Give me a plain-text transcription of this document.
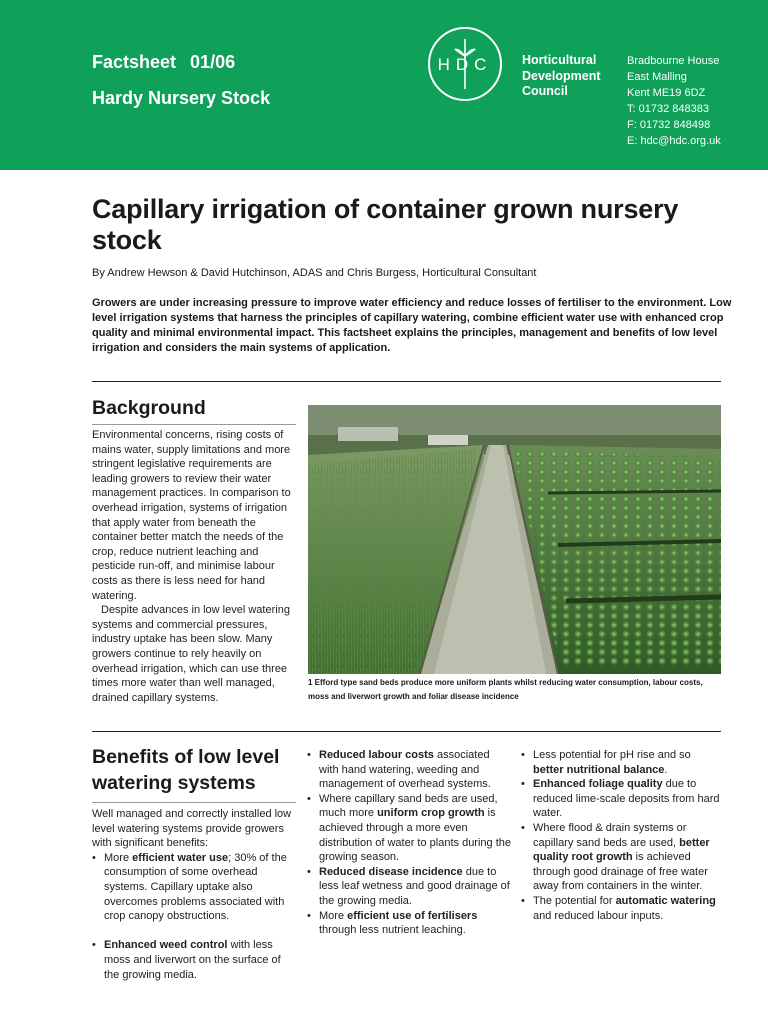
Factsheet 01/06
Hardy Nursery Stock
HDC Horticultural
Development
Council
Bradbourne House
East Malling
Kent ME19 6DZ
T: 01732 848383
F: 01732 848498
E: hdc@hdc.org.uk
Capillary irrigation of container grown nursery stock
By Andrew Hewson & David Hutchinson, ADAS and Chris Burgess, Horticultural Consultant
Growers are under increasing pressure to improve water efficiency and reduce losses of fertiliser to the environment. Low level irrigation systems that harness the principles of capillary watering, combine efficient water use with enhanced crop quality and minimal environmental impact. This factsheet explains the principles, management and benefits of low level irrigation and considers the main systems of application.
Background

Environmental concerns, rising costs of mains water, supply limitations and more stringent legislative requirements are leading growers to review their water management practices. In comparison to overhead irrigation, systems of irrigation that apply water from beneath the container better match the needs of the crop, reduce nutrient leaching and pesticide run-off, and minimise labour costs as there is less need for hand watering.

Despite advances in low level watering systems and commercial pressures, industry uptake has been slow. Many growers continue to rely heavily on overhead irrigation, which can use three times more water than well managed, drained capillary systems.

1 Efford type sand beds produce more uniform plants whilst reducing water consumption, labour costs, moss and liverwort growth and foliar disease incidence
Benefits of low level watering systems

Well managed and correctly installed low level watering systems provide growers with significant benefits:

• More efficient water use; 30% of the consumption of some overhead systems. Capillary uptake also overcomes problems associated with crop canopy obstructions.
• Enhanced weed control with less moss and liverwort on the surface of the growing media.
• Reduced labour costs associated with hand watering, weeding and management of overhead systems.
• Where capillary sand beds are used, much more uniform crop growth is achieved through a more even distribution of water to plants during the growing season.
• Reduced disease incidence due to less leaf wetness and good drainage of the growing media.
• More efficient use of fertilisers through less nutrient leaching.
• Less potential for pH rise and so better nutritional balance.
• Enhanced foliage quality due to reduced lime-scale deposits from hard water.
• Where flood & drain systems or capillary sand beds are used, better quality root growth is achieved through good drainage of free water away from containers in the winter.
• The potential for automatic watering and reduced labour inputs.
